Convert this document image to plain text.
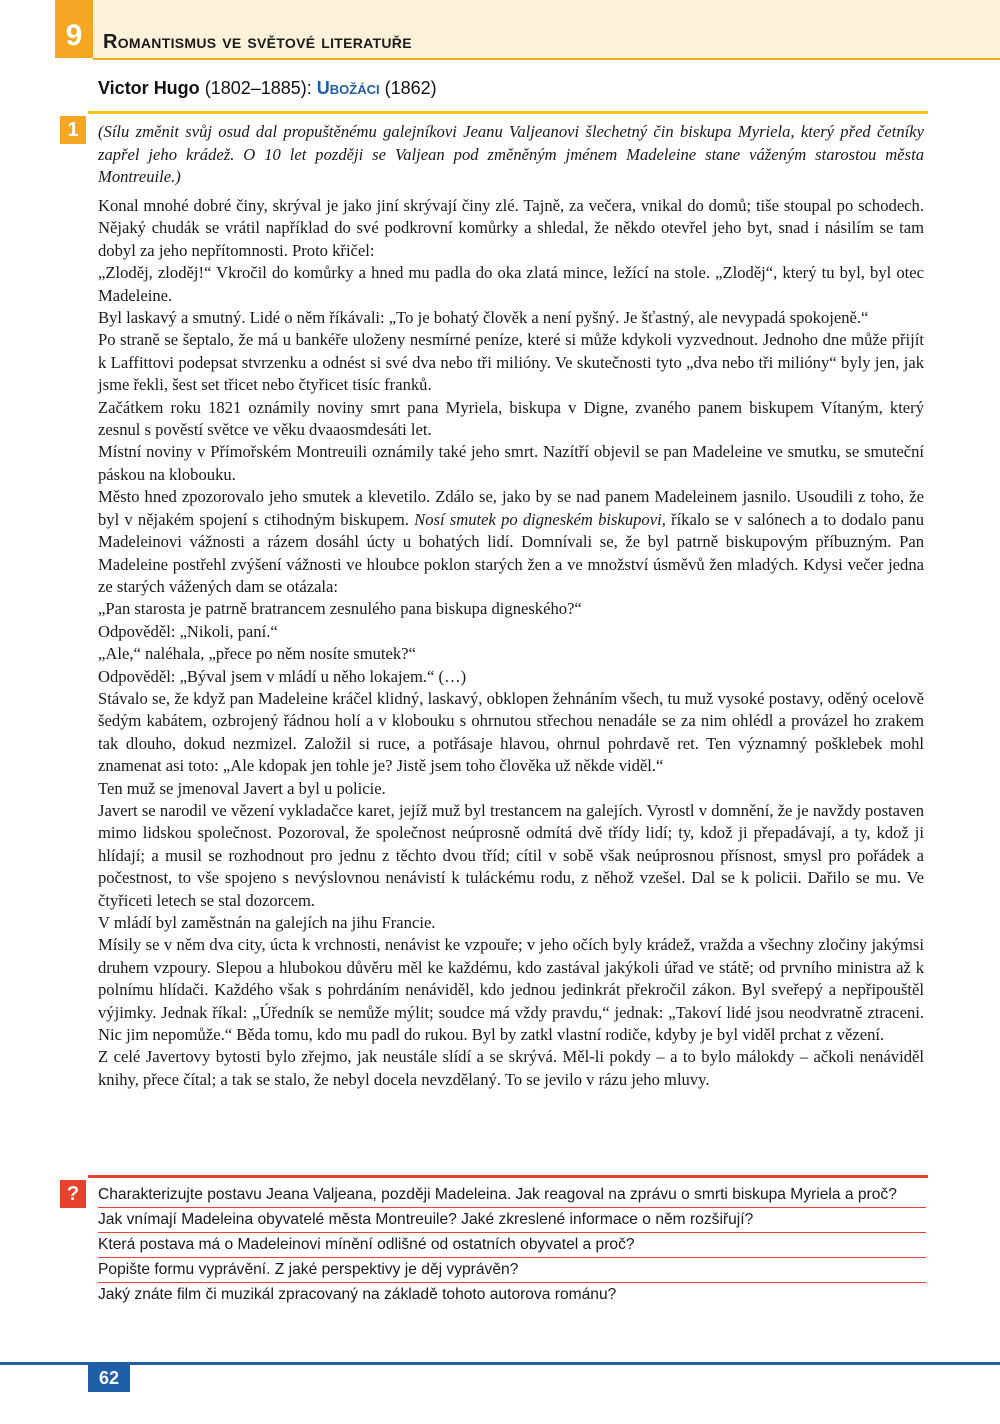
9	Romantismus ve světové literatuře
Victor Hugo (1802–1885): Ubožáci (1862)
1	(Sílu změnit svůj osud dal propuštěnému galejníkovi Jeanu Valjeanovi šlechetný čin biskupa Myriela, který před četníky zapřel jeho krádež. O 10 let později se Valjean pod změněným jménem Madeleine stane váženým starostou města Montreuile.)

Konal mnohé dobré činy, skrýval je jako jiní skrývají činy zlé. Tajně, za večera, vnikal do domů; tiše stoupal po schodech. Nějaký chudák se vrátil například do své podkrovní komůrky a shledal, že někdo otevřel jeho byt, snad i násilím se tam dobyl za jeho nepřítomnosti. Proto křičel:

„Zloděj, zloděj!“ Vkročil do komůrky a hned mu padla do oka zlatá mince, ležící na stole. „Zloděj“, který tu byl, byl otec Madeleine.

Byl laskavý a smutný. Lidé o něm říkávali: „To je bohatý člověk a není pyšný. Je šťastný, ale nevypadá spokojeně.“

Po straně se šeptalo, že má u bankéře uloženy nesmírné peníze, které si může kdykoli vyzvednout. Jednoho dne může přijít k Laffittovi podepsat stvrzenku a odnést si své dva nebo tři milióny. Ve skutečnosti tyto „dva nebo tři milióny“ byly jen, jak jsme řekli, šest set třicet nebo čtyřicet tisíc franků.

Začátkem roku 1821 oznámily noviny smrt pana Myriela, biskupa v Digne, zvaného panem biskupem Vítaným, který zesnul s pověstí světce ve věku dvaaosmdesáti let.

Místní noviny v Přímořském Montreuili oznámily také jeho smrt. Nazítří objevil se pan Madeleine ve smutku, se smuteční páskou na klobouku.

Město hned zpozorovalo jeho smutek a klevetilo. Zdálo se, jako by se nad panem Madeleinem jasnilo. Usoudili z toho, že byl v nějakém spojení s ctihodným biskupem. Nosí smutek po digneském biskupovi, říkalo se v salónech a to dodalo panu Madeleinovi vážnosti a rázem dosáhl úcty u bohatých lidí. Domnívali se, že byl patrně biskupovým příbuzným. Pan Madeleine postřehl zvýšení vážnosti ve hloubce poklon starých žen a ve množství úsměvů žen mladých. Kdysi večer jedna ze starých vážených dam se otázala:

„Pan starosta je patrně bratrancem zesnulého pana biskupa digneského?“

Odpověděl: „Nikoli, paní.“

„Ale,“ naléhala, „přece po něm nosíte smutek?“

Odpověděl: „Býval jsem v mládí u něho lokajem.“ (…)

Stávalo se, že když pan Madeleine kráčel klidný, laskavý, obklopen žehnáním všech, tu muž vysoké postavy, oděný ocelově šedým kabátem, ozbrojený řádnou holí a v klobouku s ohrnutou střechou nenadále se za nim ohlédl a provázel ho zrakem tak dlouho, dokud nezmizel. Založil si ruce, a potřásaje hlavou, ohrnul pohrdavě ret. Ten významný pošklebek mohl znamenat asi toto: „Ale kdopak jen tohle je? Jistě jsem toho člověka už někde viděl.“

Ten muž se jmenoval Javert a byl u policie.

Javert se narodil ve vězení vykladačce karet, jejíž muž byl trestancem na galejích. Vyrostl v domnění, že je navždy postaven mimo lidskou společnost. Pozoroval, že společnost neúprosně odmítá dvě třídy lidí; ty, kdož ji přepadávají, a ty, kdož ji hlídají; a musil se rozhodnout pro jednu z těchto dvou tříd; cítil v sobě však neúprosnou přísnost, smysl pro pořádek a počestnost, to vše spojeno s nevýslovnou nenávistí k tuláckému rodu, z něhož vzešel. Dal se k policii. Dařilo se mu. Ve čtyřiceti letech se stal dozorcem.

V mládí byl zaměstnán na galejích na jihu Francie.

Mísily se v něm dva city, úcta k vrchnosti, nenávist ke vzpouře; v jeho očích byly krádež, vražda a všechny zločiny jakýmsi druhem vzpoury. Slepou a hlubokou důvěru měl ke každému, kdo zastával jakýkoli úřad ve státě; od prvního ministra až k polnímu hlídači. Každého však s pohrdáním nenáviděl, kdo jednou jedinkrát překročil zákon. Byl sveřepý a nepřipouštěl výjimky. Jednak říkal: „Úředník se nemůže mýlit; soudce má vždy pravdu,“ jednak: „Takoví lidé jsou neodvratně ztraceni. Nic jim nepomůže.“ Běda tomu, kdo mu padl do rukou. Byl by zatkl vlastní rodiče, kdyby je byl viděl prchat z vězení.

Z celé Javertovy bytosti bylo zřejmo, jak neustále slídí a se skrývá. Měl-li pokdy – a to bylo málokdy – ačkoli nenáviděl knihy, přece čítal; a tak se stalo, že nebyl docela nevzdělaný. To se jevilo v rázu jeho mluvy.

?	Charakterizujte postavu Jeana Valjeana, později Madeleina. Jak reagoval na zprávu o smrti biskupa Myriela a proč?
Jak vnímají Madeleina obyvatelé města Montreuile? Jaké zkreslené informace o něm rozšiřují?
Která postava má o Madeleinovi mínění odlišné od ostatních obyvatel a proč?
Popište formu vyprávění. Z jaké perspektivy je děj vyprávěn?
Jaký znáte film či muzikál zpracovaný na základě tohoto autorova románu?
62
